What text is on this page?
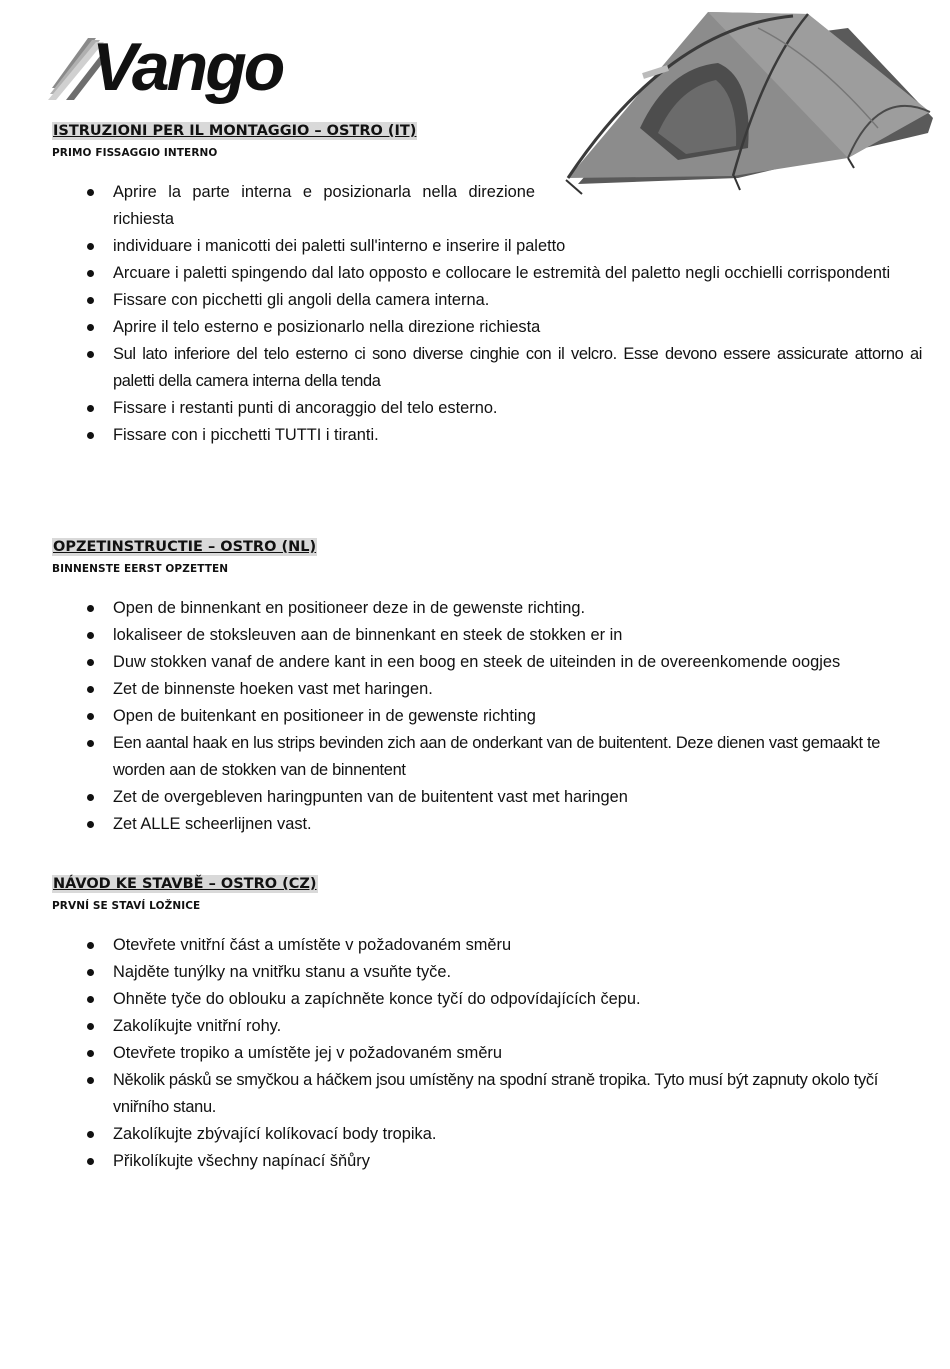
Vango
ISTRUZIONI PER IL MONTAGGIO – OSTRO (IT)
PRIMO FISSAGGIO INTERNO
Aprire la parte interna e posizionarla nella direzione richiesta
individuare i manicotti dei paletti sull'interno e inserire il paletto
Arcuare i paletti spingendo dal lato opposto e collocare le estremità del paletto negli occhielli corrispondenti
Fissare con picchetti gli angoli della camera interna.
Aprire il telo esterno e posizionarlo nella direzione richiesta
Sul lato inferiore del telo esterno ci sono diverse cinghie con il velcro. Esse devono essere assicurate attorno ai paletti della camera interna della tenda
Fissare i restanti punti di ancoraggio del telo esterno.
Fissare con i picchetti TUTTI i tiranti.
OPZETINSTRUCTIE – OSTRO (NL)
BINNENSTE EERST OPZETTEN
Open de binnenkant en positioneer deze in de gewenste richting.
lokaliseer de stoksleuven aan de binnenkant en steek de stokken er in
Duw stokken vanaf de andere kant in een boog en steek de uiteinden in de overeenkomende oogjes
Zet de binnenste hoeken vast met haringen.
Open de buitenkant en positioneer in de gewenste richting
Een aantal haak en lus strips bevinden zich aan de onderkant van de buitentent. Deze dienen vast gemaakt te worden aan de stokken van de binnentent
Zet de overgebleven haringpunten van de buitentent vast met haringen
Zet ALLE scheerlijnen vast.
NÁVOD KE STAVBĚ – OSTRO (CZ)
PRVNÍ SE STAVÍ LOŽNICE
Otevřete vnitřní část a umístěte v požadovaném směru
Najděte tunýlky na vnitřku stanu a vsuňte tyče.
Ohněte tyče do oblouku a zapíchněte konce tyčí do odpovídajících čepu.
Zakolíkujte vnitřní rohy.
Otevřete tropiko a umístěte jej v požadovaném směru
Několik pásků se smyčkou a háčkem jsou umístěny na spodní straně tropika. Tyto musí být zapnuty okolo tyčí vniřního stanu.
Zakolíkujte zbývající kolíkovací body tropika.
Přikolíkujte všechny napínací šňůry
